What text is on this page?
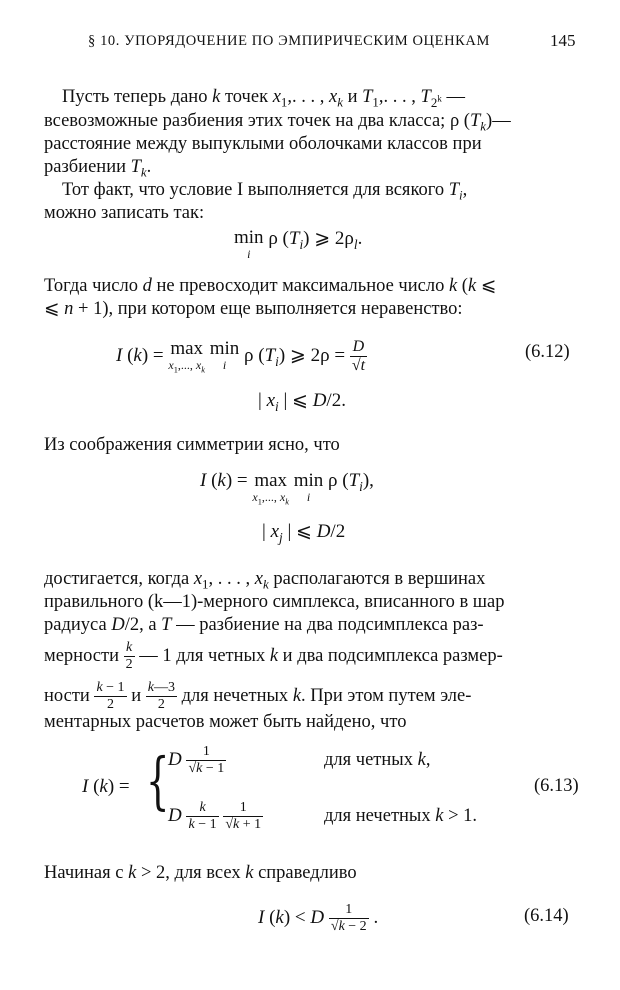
§ 10. УПОРЯДОЧЕНИЕ ПО ЭМПИРИЧЕСКИМ ОЦЕНКАМ	145
Пусть теперь дано k точек $x_1$,. . . , $x_k$ и $T_1$,. . . , $T_{2^k}$ —
всевозможные разбиения этих точек на два класса; ρ $(T_k)—$
расстояние между выпуклыми оболочками классов при
разбиении $T_k$.
Тот факт, что условие I выполняется для всякого $T_i$,
можно записать так:
min
i
ρ $(T_i)$ ⩾ $2\rho_l$.
Тогда число d не превосходит максимальное число k (k ⩽
⩽ n + 1), при котором еще выполняется неравенство:
I (k) = max
$x_1$,..., $x_k$
min
i ρ $(T_i)$ ⩾ $2\rho = \frac{D}{√t}$	(6.12)
| $x_i$ | ⩽ D/2.
Из соображения симметрии ясно, что
I (k) = max
$x_1$,..., $x_k$
min
i
ρ $(T_i)$,
| $x_j$ | ⩽ D/2
достигается, когда $x_1$, . . . , $x_k$ располагаются в вершинах
правильного (k—1)-мерного симплекса, вписанного в шар
радиуса D/2, а T — разбиение на два подсимплекса раз-
мерности $\frac{k}{2}$ — 1 для четных k и два подсимплекса размер-
ности $\frac{k - 1}{2}$ и $\frac{k—3}{2}$ для нечетных k. При этом путем эле-
ментарных расчетов может быть найдено, что
I (k) = {
D $\frac{1}{√k - 1}$	для четных k,
D $\frac{k}{k - 1}$
$\frac{1}{√k + 1}$	для нечетных k > 1.
(6.13)
Начиная с k > 2, для всех k справедливо
I (k) < D $\frac{1}{√k - 2}$ .	(6.14)
